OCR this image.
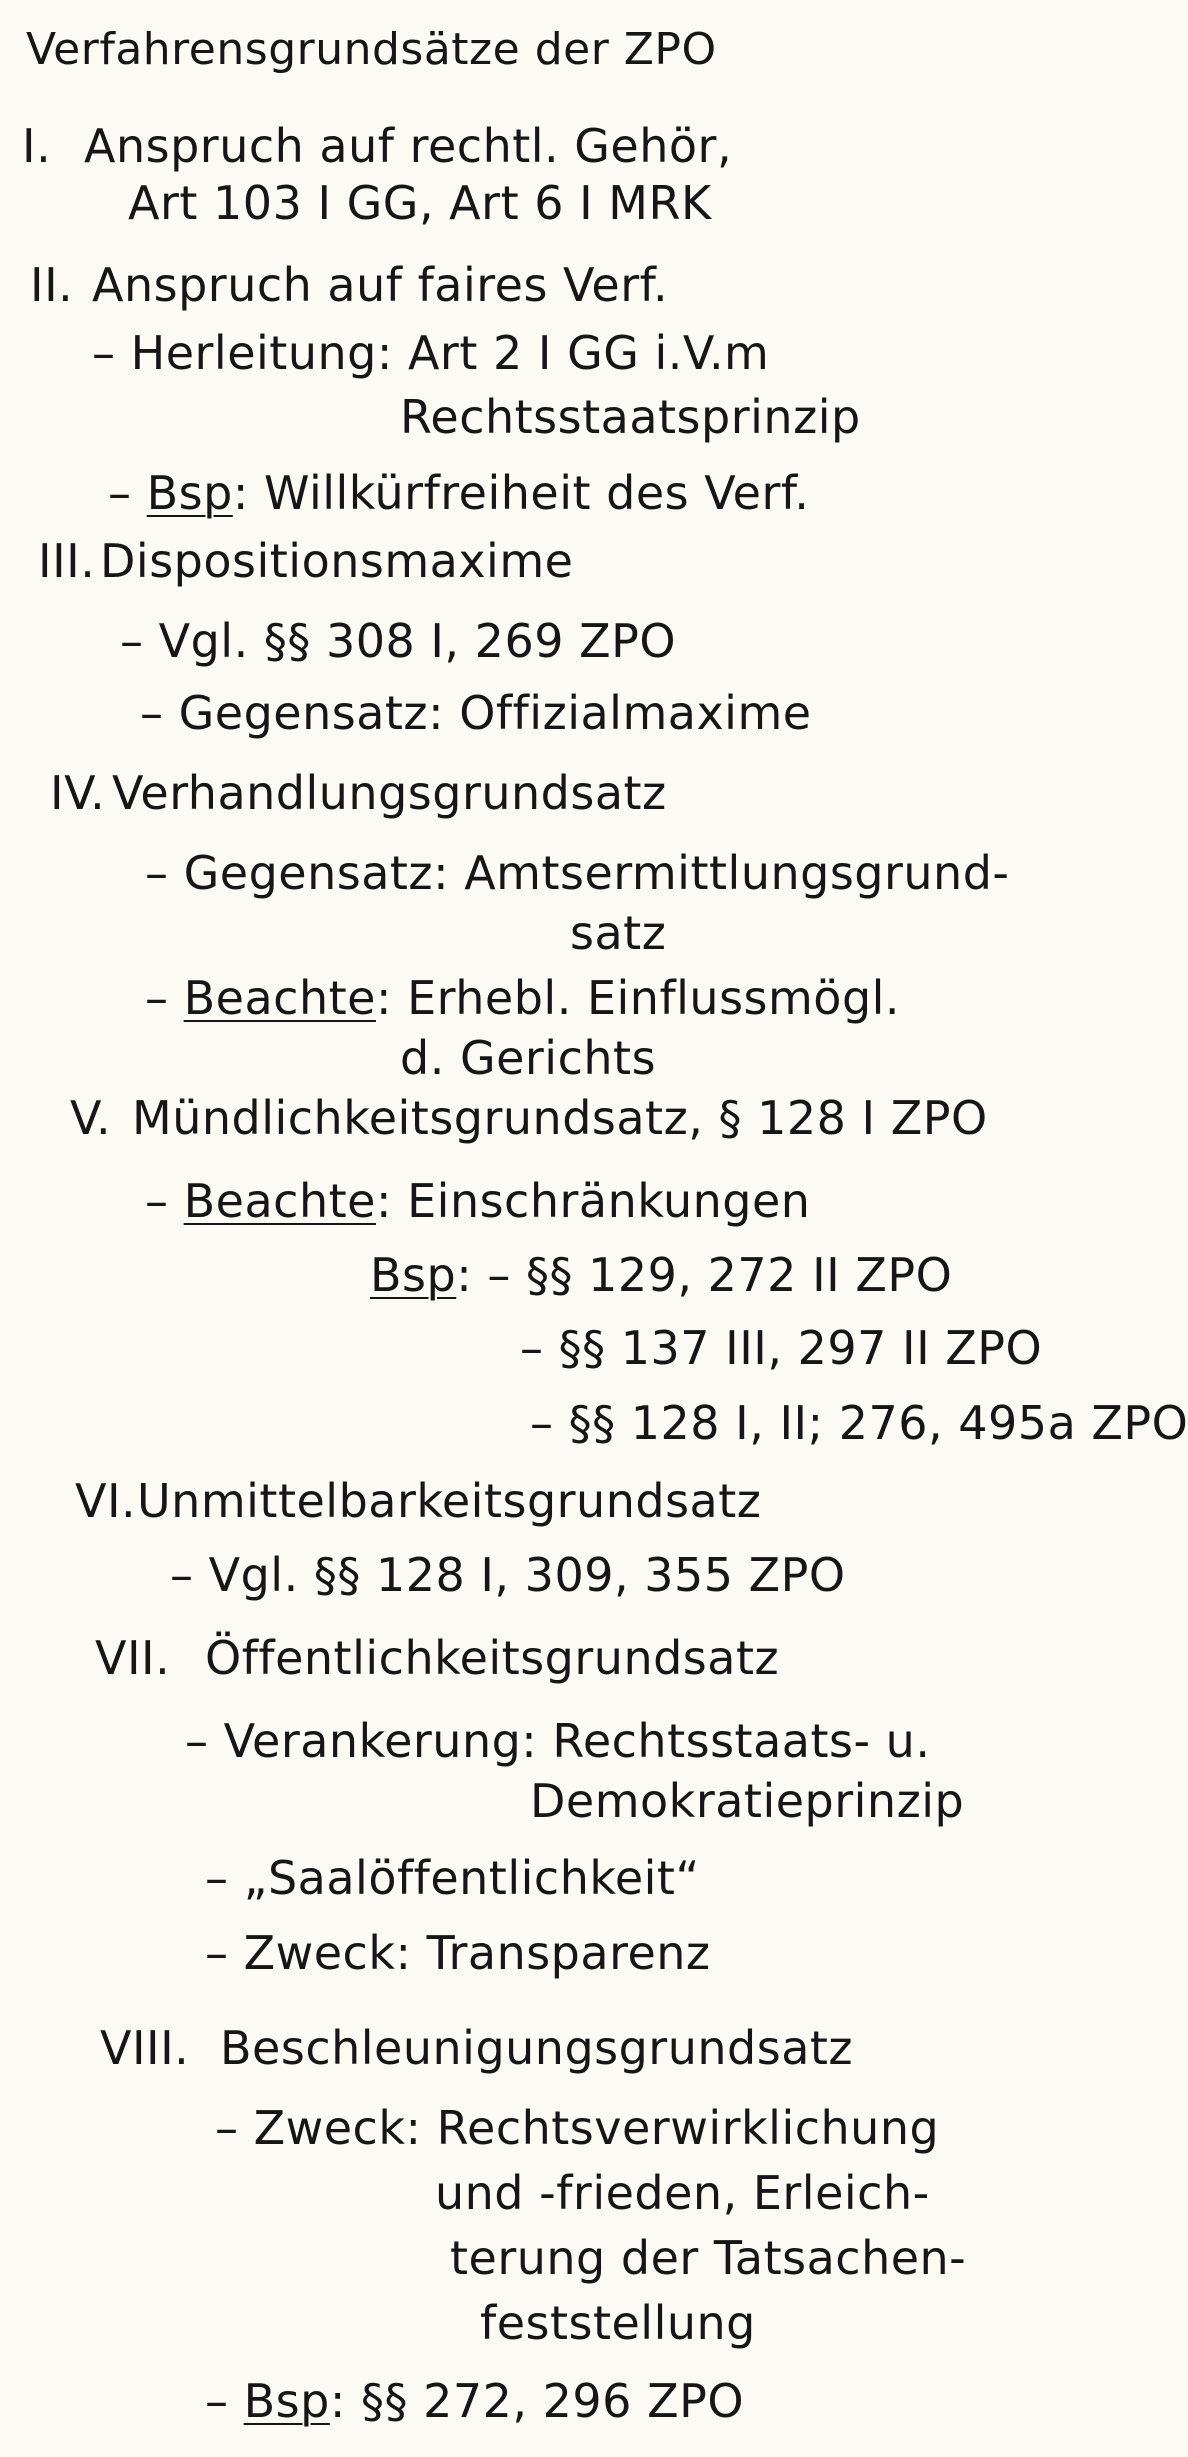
Verfahrensgrundsätze der ZPO
I. Anspruch auf rechtl. Gehör,
Art 103 I GG, Art 6 I MRK
II. Anspruch auf faires Verf.
– Herleitung: Art 2 I GG i.V.m
Rechtsstaatsprinzip
– Bsp: Willkürfreiheit des Verf.
III. Dispositionsmaxime
– Vgl. §§ 308 I, 269 ZPO
– Gegensatz: Offizialmaxime
IV. Verhandlungsgrundsatz
– Gegensatz: Amtsermittlungsgrund-
satz
– Beachte: Erhebl. Einflussmögl.
d. Gerichts
V. Mündlichkeitsgrundsatz, § 128 I ZPO
– Beachte: Einschränkungen
Bsp: – §§ 129, 272 II ZPO
– §§ 137 III, 297 II ZPO
– §§ 128 I, II; 276, 495a ZPO
VI.Unmittelbarkeitsgrundsatz
– Vgl. §§ 128 I, 309, 355 ZPO
VII. Öffentlichkeitsgrundsatz
– Verankerung: Rechtsstaats- u.
Demokratieprinzip
– „Saalöffentlichkeit“
– Zweck: Transparenz
VIII. Beschleunigungsgrundsatz
– Zweck: Rechtsverwirklichung
und -frieden, Erleich-
terung der Tatsachen-
feststellung
– Bsp: §§ 272, 296 ZPO
